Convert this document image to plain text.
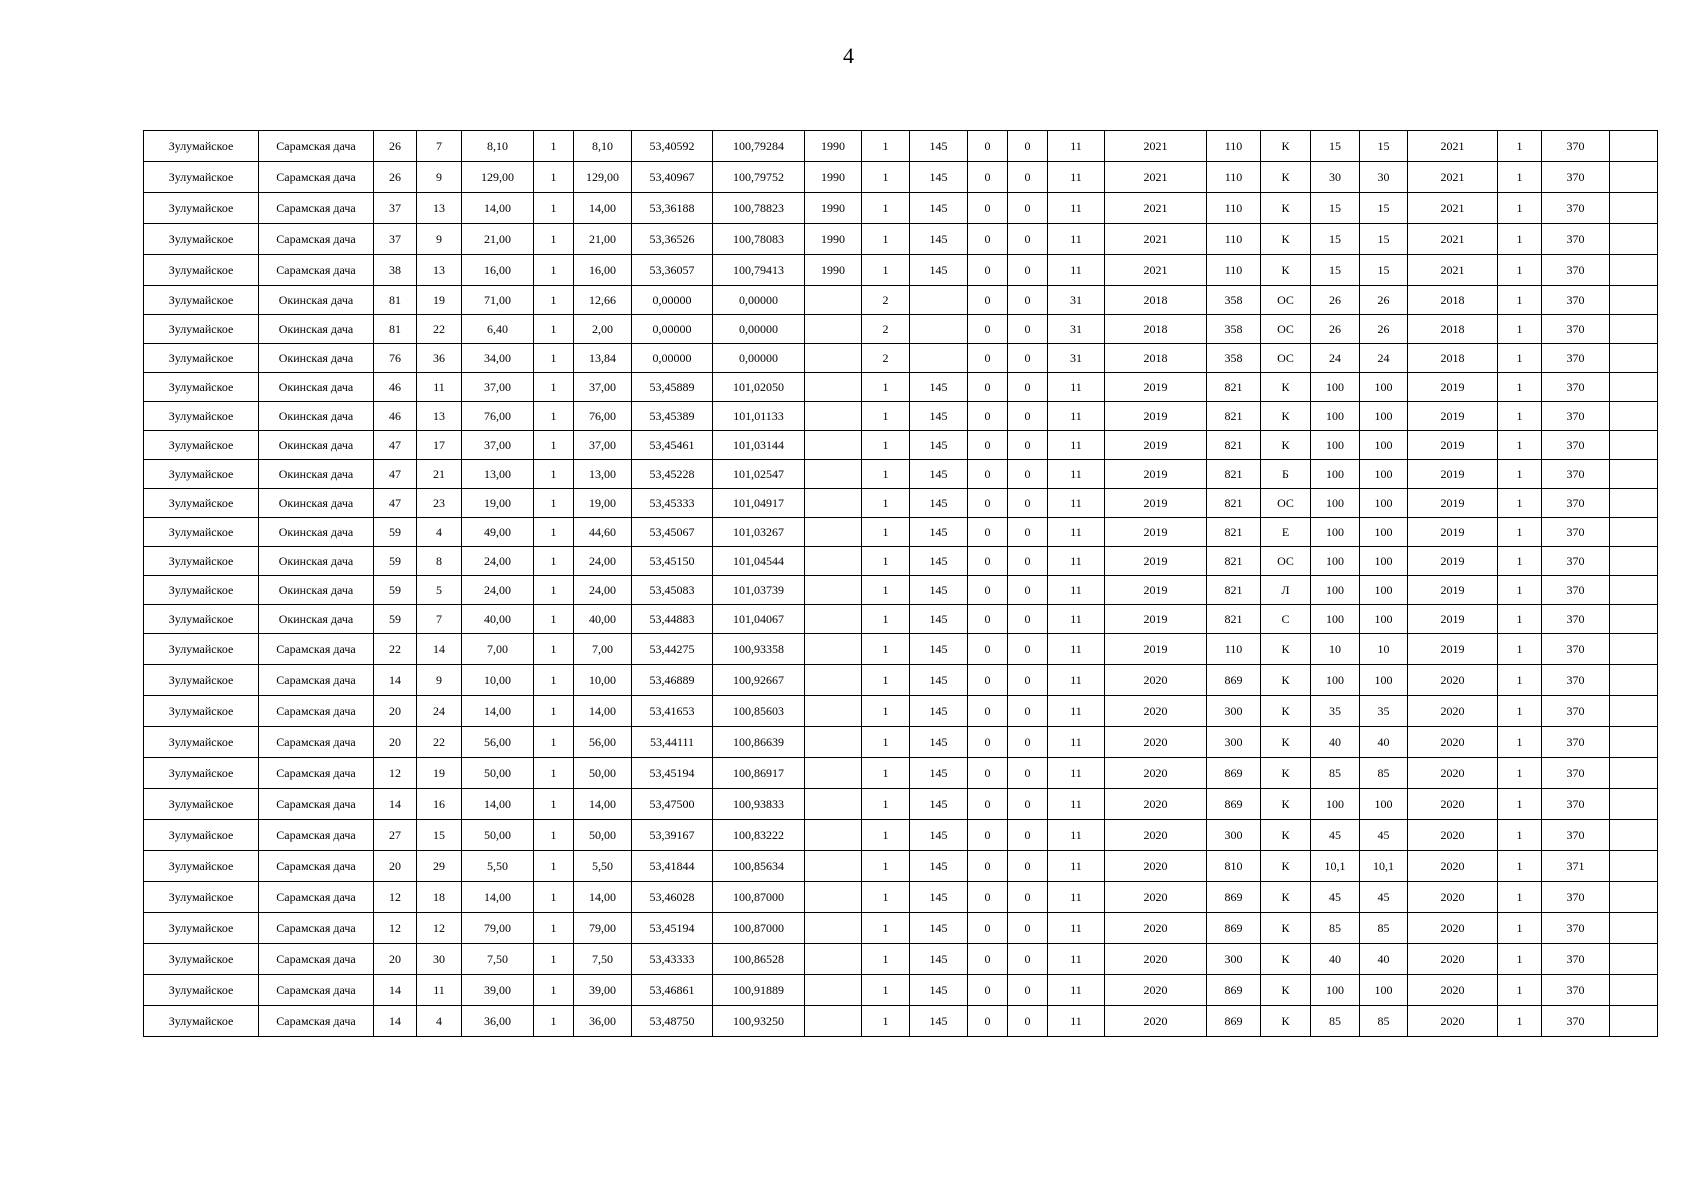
4
Зулумайское	Сарамская дача	26	7	8,10	1	8,10	53,40592	100,79284	1990	1	145	0	0	11	2021	110	К	15	15	2021	1	370	
Зулумайское	Сарамская дача	26	9	129,00	1	129,00	53,40967	100,79752	1990	1	145	0	0	11	2021	110	К	30	30	2021	1	370	
Зулумайское	Сарамская дача	37	13	14,00	1	14,00	53,36188	100,78823	1990	1	145	0	0	11	2021	110	К	15	15	2021	1	370	
Зулумайское	Сарамская дача	37	9	21,00	1	21,00	53,36526	100,78083	1990	1	145	0	0	11	2021	110	К	15	15	2021	1	370	
Зулумайское	Сарамская дача	38	13	16,00	1	16,00	53,36057	100,79413	1990	1	145	0	0	11	2021	110	К	15	15	2021	1	370	
Зулумайское	Окинская дача	81	19	71,00	1	12,66	0,00000	0,00000		2		0	0	31	2018	358	ОС	26	26	2018	1	370	
Зулумайское	Окинская дача	81	22	6,40	1	2,00	0,00000	0,00000		2		0	0	31	2018	358	ОС	26	26	2018	1	370	
Зулумайское	Окинская дача	76	36	34,00	1	13,84	0,00000	0,00000		2		0	0	31	2018	358	ОС	24	24	2018	1	370	
Зулумайское	Окинская дача	46	11	37,00	1	37,00	53,45889	101,02050		1	145	0	0	11	2019	821	К	100	100	2019	1	370	
Зулумайское	Окинская дача	46	13	76,00	1	76,00	53,45389	101,01133		1	145	0	0	11	2019	821	К	100	100	2019	1	370	
Зулумайское	Окинская дача	47	17	37,00	1	37,00	53,45461	101,03144		1	145	0	0	11	2019	821	К	100	100	2019	1	370	
Зулумайское	Окинская дача	47	21	13,00	1	13,00	53,45228	101,02547		1	145	0	0	11	2019	821	Б	100	100	2019	1	370	
Зулумайское	Окинская дача	47	23	19,00	1	19,00	53,45333	101,04917		1	145	0	0	11	2019	821	ОС	100	100	2019	1	370	
Зулумайское	Окинская дача	59	4	49,00	1	44,60	53,45067	101,03267		1	145	0	0	11	2019	821	Е	100	100	2019	1	370	
Зулумайское	Окинская дача	59	8	24,00	1	24,00	53,45150	101,04544		1	145	0	0	11	2019	821	ОС	100	100	2019	1	370	
Зулумайское	Окинская дача	59	5	24,00	1	24,00	53,45083	101,03739		1	145	0	0	11	2019	821	Л	100	100	2019	1	370	
Зулумайское	Окинская дача	59	7	40,00	1	40,00	53,44883	101,04067		1	145	0	0	11	2019	821	С	100	100	2019	1	370	
Зулумайское	Сарамская дача	22	14	7,00	1	7,00	53,44275	100,93358		1	145	0	0	11	2019	110	К	10	10	2019	1	370	
Зулумайское	Сарамская дача	14	9	10,00	1	10,00	53,46889	100,92667		1	145	0	0	11	2020	869	К	100	100	2020	1	370	
Зулумайское	Сарамская дача	20	24	14,00	1	14,00	53,41653	100,85603		1	145	0	0	11	2020	300	К	35	35	2020	1	370	
Зулумайское	Сарамская дача	20	22	56,00	1	56,00	53,44111	100,86639		1	145	0	0	11	2020	300	К	40	40	2020	1	370	
Зулумайское	Сарамская дача	12	19	50,00	1	50,00	53,45194	100,86917		1	145	0	0	11	2020	869	К	85	85	2020	1	370	
Зулумайское	Сарамская дача	14	16	14,00	1	14,00	53,47500	100,93833		1	145	0	0	11	2020	869	К	100	100	2020	1	370	
Зулумайское	Сарамская дача	27	15	50,00	1	50,00	53,39167	100,83222		1	145	0	0	11	2020	300	К	45	45	2020	1	370	
Зулумайское	Сарамская дача	20	29	5,50	1	5,50	53,41844	100,85634		1	145	0	0	11	2020	810	К	10,1	10,1	2020	1	371	
Зулумайское	Сарамская дача	12	18	14,00	1	14,00	53,46028	100,87000		1	145	0	0	11	2020	869	К	45	45	2020	1	370	
Зулумайское	Сарамская дача	12	12	79,00	1	79,00	53,45194	100,87000		1	145	0	0	11	2020	869	К	85	85	2020	1	370	
Зулумайское	Сарамская дача	20	30	7,50	1	7,50	53,43333	100,86528		1	145	0	0	11	2020	300	К	40	40	2020	1	370	
Зулумайское	Сарамская дача	14	11	39,00	1	39,00	53,46861	100,91889		1	145	0	0	11	2020	869	К	100	100	2020	1	370	
Зулумайское	Сарамская дача	14	4	36,00	1	36,00	53,48750	100,93250		1	145	0	0	11	2020	869	К	85	85	2020	1	370	
